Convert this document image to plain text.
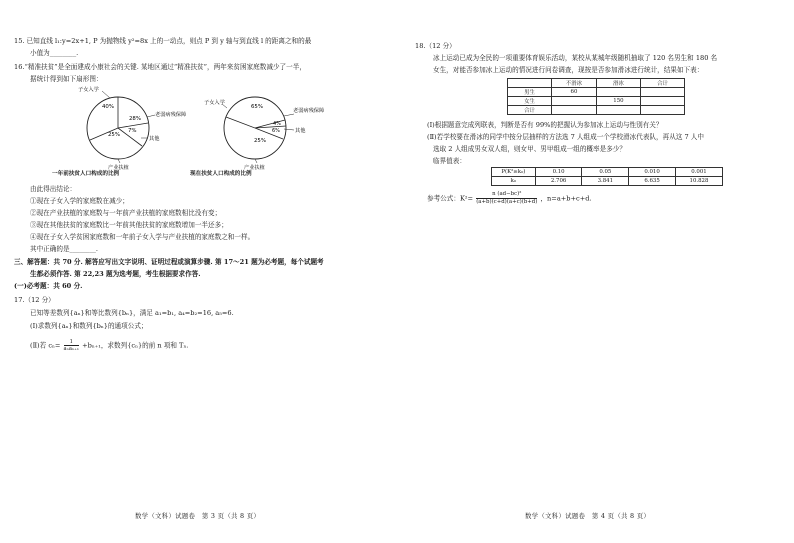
15. 已知直线 l₁:y=2x+1, P 为抛物线 y²=8x 上的一动点，则点 P 到 y 轴与到直线 l 的距离之和的最
小值为________.
16.“精准扶贫”是全面建成小康社会的关键. 某地区通过“精准扶贫”，两年来贫困家庭数减少了一半，
据统计得到如下扇形图：
40%
28%
7%
25%
子女入学
老弱病残保障
其他
产业扶植
一年前扶贫人口构成的比例
65%
4%
6%
25%
子女入学
老弱病残保障
其他
产业扶植
现在扶贫人口构成的比例
由此得出结论：
①现在子女入学的家庭数在减少；
②现在产业扶植的家庭数与一年前产业扶植的家庭数相比没有变；
③现在其他扶贫的家庭数比一年前其他扶贫的家庭数增加一半还多；
④现在子女入学贫困家庭数和一年前子女入学与产业扶植的家庭数之和一样。
其中正确的是________.
三、解答题：共 70 分. 解答应写出文字说明、证明过程或演算步骤. 第 17～21 题为必考题，每个试题考
生都必须作答. 第 22,23 题为选考题，考生根据要求作答.
(一)必考题：共 60 分.
17.（12 分）
已知等差数列{aₙ}和等比数列{bₙ}，满足 a₁=b₁, a₄=b₂=16, a₅=6.
(Ⅰ)求数列{aₙ}和数列{bₙ}的通项公式；
(Ⅱ)若 cₙ=	1
aₙaₙ₊₁ +bₙ₊₁，求数列{cₙ}的前 n 项和 Tₙ.
数学（文科）试题卷　第 3 页（共 8 页）
18.（12 分）
冰上运动已成为全民的一项重要体育娱乐活动，某校从某城年级随机抽取了 120 名男生和 180 名
女生，对能否参加冰上运动的情况进行问卷调查，现按是否参加滑冰进行统计，结果如下表：
	不滑冰	滑冰	合计
男生	60		
女生		150	
合计			
(Ⅰ)根据题意完成列联表，判断是否有 99%的把握认为参加冰上运动与性别有关？
(Ⅱ)若学校要在滑冰的同学中按分层抽样的方法选 7 人组成一个学校滑冰代表队，再从这 7 人中
选取 2 人组成男女双人组，则女甲、男甲组成一组的概率是多少？
临界值表：
P(K²≥k₀)	0.10	0.05	0.010	0.001
k₀	2.706	3.841	6.635	10.828
参考公式：$K^2= \frac{\text{n (ad−bc)²}}{(a+b)(c+d)(a+c)(b+d)}$ ，n=a+b+c+d.
数学（文科）试题卷　第 4 页（共 8 页）
